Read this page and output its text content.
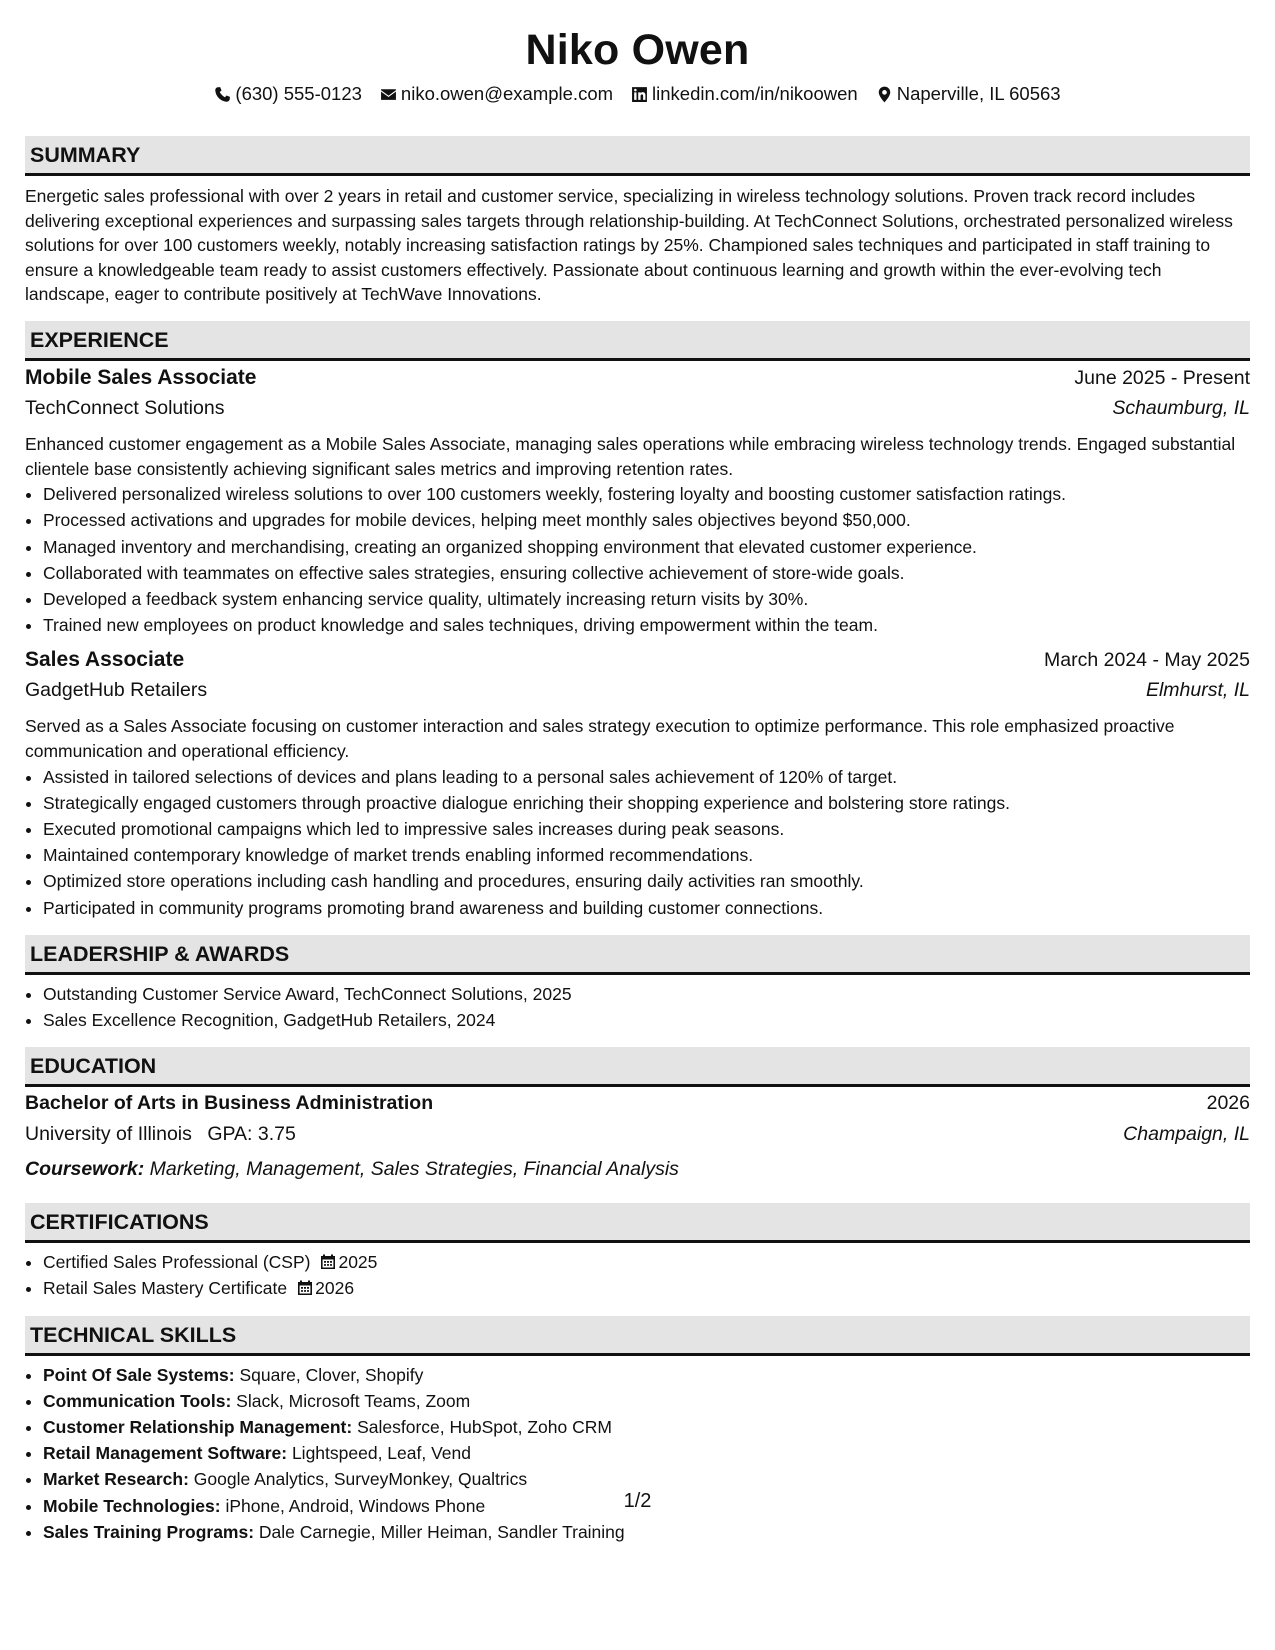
Niko Owen
(630) 555-0123 niko.owen@example.com linkedin.com/in/nikoowen Naperville, IL 60563
SUMMARY

Energetic sales professional with over 2 years in retail and customer service, specializing in wireless technology solutions. Proven track record includes delivering exceptional experiences and surpassing sales targets through relationship-building. At TechConnect Solutions, orchestrated personalized wireless solutions for over 100 customers weekly, notably increasing satisfaction ratings by 25%. Championed sales techniques and participated in staff training to ensure a knowledgeable team ready to assist customers effectively. Passionate about continuous learning and growth within the ever-evolving tech landscape, eager to contribute positively at TechWave Innovations.

EXPERIENCE
Mobile Sales Associate	June 2025 - Present
TechConnect Solutions	Schaumburg, IL

Enhanced customer engagement as a Mobile Sales Associate, managing sales operations while embracing wireless technology trends. Engaged substantial clientele base consistently achieving significant sales metrics and improving retention rates.

• Delivered personalized wireless solutions to over 100 customers weekly, fostering loyalty and boosting customer satisfaction ratings.
• Processed activations and upgrades for mobile devices, helping meet monthly sales objectives beyond $50,000.
• Managed inventory and merchandising, creating an organized shopping environment that elevated customer experience.
• Collaborated with teammates on effective sales strategies, ensuring collective achievement of store-wide goals.
• Developed a feedback system enhancing service quality, ultimately increasing return visits by 30%.
• Trained new employees on product knowledge and sales techniques, driving empowerment within the team.
Sales Associate	March 2024 - May 2025
GadgetHub Retailers	Elmhurst, IL

Served as a Sales Associate focusing on customer interaction and sales strategy execution to optimize performance. This role emphasized proactive communication and operational efficiency.

• Assisted in tailored selections of devices and plans leading to a personal sales achievement of 120% of target.
• Strategically engaged customers through proactive dialogue enriching their shopping experience and bolstering store ratings.
• Executed promotional campaigns which led to impressive sales increases during peak seasons.
• Maintained contemporary knowledge of market trends enabling informed recommendations.
• Optimized store operations including cash handling and procedures, ensuring daily activities ran smoothly.
• Participated in community programs promoting brand awareness and building customer connections.
LEADERSHIP & AWARDS
• Outstanding Customer Service Award, TechConnect Solutions, 2025
• Sales Excellence Recognition, GadgetHub Retailers, 2024
EDUCATION
Bachelor of Arts in Business Administration	2026
University of Illinois GPA: 3.75	Champaign, IL
Coursework: Marketing, Management, Sales Strategies, Financial Analysis
CERTIFICATIONS
• Certified Sales Professional (CSP) 2025
• Retail Sales Mastery Certificate 2026
TECHNICAL SKILLS
• Point Of Sale Systems: Square, Clover, Shopify
• Communication Tools: Slack, Microsoft Teams, Zoom
• Customer Relationship Management: Salesforce, HubSpot, Zoho CRM
• Retail Management Software: Lightspeed, Leaf, Vend
• Market Research: Google Analytics, SurveyMonkey, Qualtrics
• Mobile Technologies: iPhone, Android, Windows Phone
• Sales Training Programs: Dale Carnegie, Miller Heiman, Sandler Training
1/2
